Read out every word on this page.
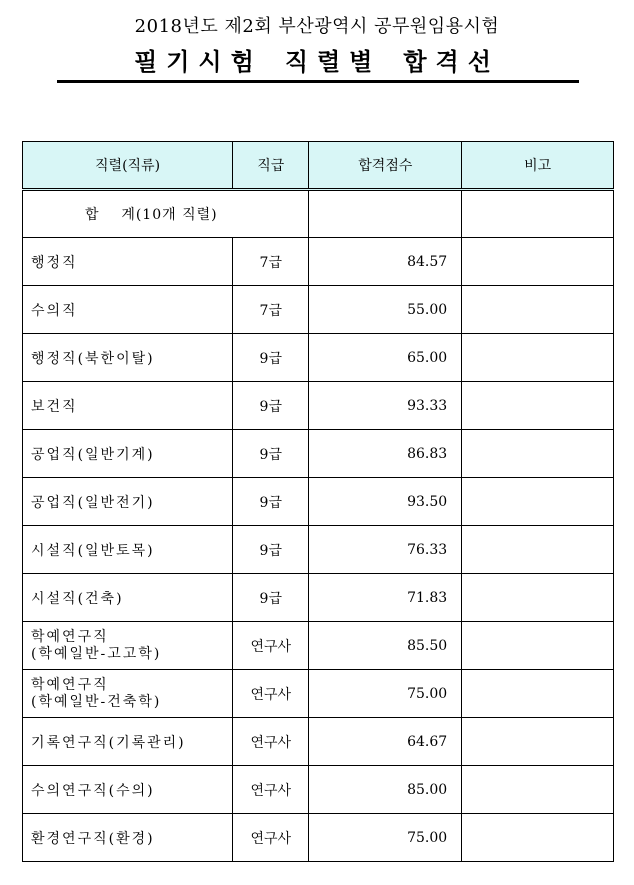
2018년도 제2회 부산광역시 공무원임용시험
필기시험 직렬별 합격선
직렬(직류)	직급	합격점수	비고
합    계(10개 직렬)			

행정직	7급	84.57	

수의직	7급	55.00	

행정직(북한이탈)	9급	65.00	

보건직	9급	93.33	

공업직(일반기계)	9급	86.83	

공업직(일반전기)	9급	93.50	

시설직(일반토목)	9급	76.33	

시설직(건축)	9급	71.83	

학예연구직
(학예일반-고고학)	연구사	85.50	

학예연구직
(학예일반-건축학)	연구사	75.00	

기록연구직(기록관리)	연구사	64.67	

수의연구직(수의)	연구사	85.00	

환경연구직(환경)	연구사	75.00	
